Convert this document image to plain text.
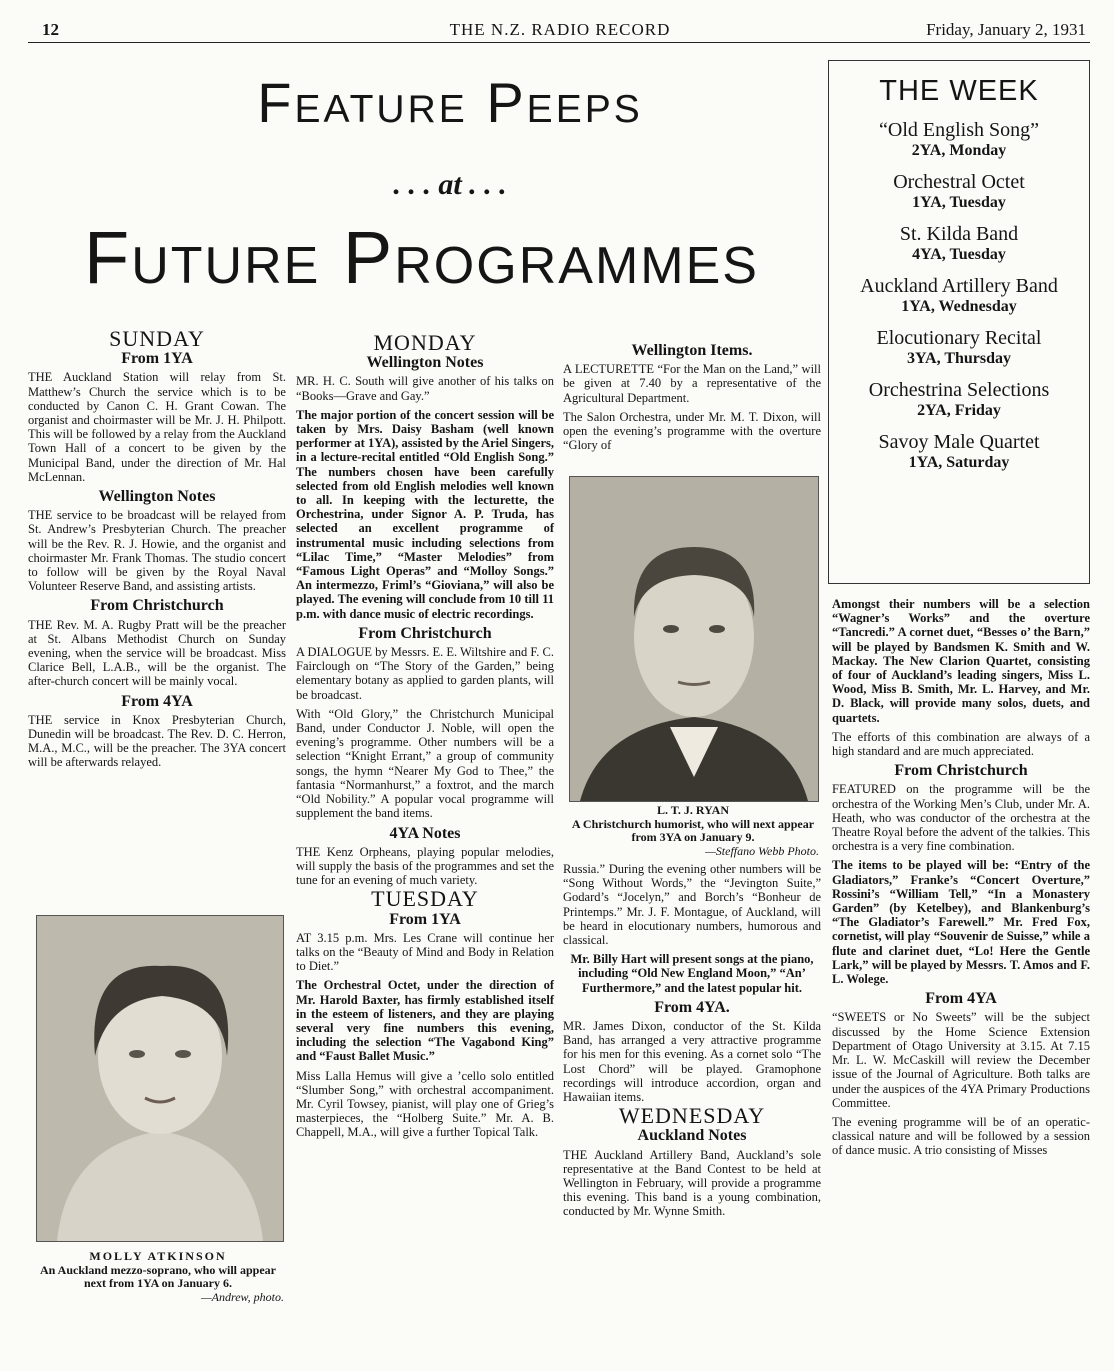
12	THE N.Z. RADIO RECORD	Friday, January 2, 1931
Feature Peeps
. . . at . . .
Future Programmes
THE WEEK
“Old English Song”
2YA, Monday
Orchestral Octet
1YA, Tuesday
St. Kilda Band
4YA, Tuesday
Auckland Artillery Band
1YA, Wednesday
Elocutionary Recital
3YA, Thursday
Orchestrina Selections
2YA, Friday
Savoy Male Quartet
1YA, Saturday
SUNDAY
From 1YA

THE Auckland Station will relay from St. Matthew’s Church the service which is to be conducted by Canon C. H. Grant Cowan. The organist and choirmaster will be Mr. J. H. Philpott. This will be followed by a relay from the Auckland Town Hall of a concert to be given by the Municipal Band, under the direction of Mr. Hal McLennan.

Wellington Notes

THE service to be broadcast will be relayed from St. Andrew’s Presbyterian Church. The preacher will be the Rev. R. J. Howie, and the organist and choirmaster Mr. Frank Thomas. The studio concert to follow will be given by the Royal Naval Volunteer Reserve Band, and assisting artists.

From Christchurch

THE Rev. M. A. Rugby Pratt will be the preacher at St. Albans Methodist Church on Sunday evening, when the service will be broadcast. Miss Clarice Bell, L.A.B., will be the organist. The after-church concert will be mainly vocal.

From 4YA

THE service in Knox Presbyterian Church, Dunedin will be broadcast. The Rev. D. C. Herron, M.A., M.C., will be the preacher. The 3YA concert will be afterwards relayed.

MOLLY ATKINSON
An Auckland mezzo-soprano, who will appear next from 1YA on January 6.
—Andrew, photo.
MONDAY
Wellington Notes

MR. H. C. South will give another of his talks on “Books—Grave and Gay.”

The major portion of the concert session will be taken by Mrs. Daisy Basham (well known performer at 1YA), assisted by the Ariel Singers, in a lecture-recital entitled “Old English Song.” The numbers chosen have been carefully selected from old English melodies well known to all. In keeping with the lecturette, the Orchestrina, under Signor A. P. Truda, has selected an excellent programme of instrumental music including selections from “Lilac Time,” “Master Melodies” from “Famous Light Operas” and “Molloy Songs.” An intermezzo, Friml’s “Gioviana,” will also be played. The evening will conclude from 10 till 11 p.m. with dance music of electric recordings.

From Christchurch

A DIALOGUE by Messrs. E. E. Wiltshire and F. C. Fairclough on “The Story of the Garden,” being elementary botany as applied to garden plants, will be broadcast.

With “Old Glory,” the Christchurch Municipal Band, under Conductor J. Noble, will open the evening’s programme. Other numbers will be a selection “Knight Errant,” a group of community songs, the hymn “Nearer My God to Thee,” the fantasia “Normanhurst,” a foxtrot, and the march “Old Nobility.” A popular vocal programme will supplement the band items.

4YA Notes

THE Kenz Orpheans, playing popular melodies, will supply the basis of the programmes and set the tune for an evening of much variety.

TUESDAY
From 1YA

AT 3.15 p.m. Mrs. Les Crane will continue her talks on the “Beauty of Mind and Body in Relation to Diet.”

The Orchestral Octet, under the direction of Mr. Harold Baxter, has firmly established itself in the esteem of listeners, and they are playing several very fine numbers this evening, including the selection “The Vagabond King” and “Faust Ballet Music.”

Miss Lalla Hemus will give a ’cello solo entitled “Slumber Song,” with orchestral accompaniment. Mr. Cyril Towsey, pianist, will play one of Grieg’s masterpieces, the “Holberg Suite.” Mr. A. B. Chappell, M.A., will give a further Topical Talk.

Wellington Items.

A LECTURETTE “For the Man on the Land,” will be given at 7.40 by a representative of the Agricultural Department.

The Salon Orchestra, under Mr. M. T. Dixon, will open the evening’s programme with the overture “Glory of

L. T. J. RYAN
A Christchurch humorist, who will next appear from 3YA on January 9.
—Steffano Webb Photo.

Russia.” During the evening other numbers will be “Song Without Words,” the “Jevington Suite,” Godard’s “Jocelyn,” and Borch’s “Bonheur de Printemps.” Mr. J. F. Montague, of Auckland, will be heard in elocutionary numbers, humorous and classical.

Mr. Billy Hart will present songs at the piano, including “Old New England Moon,” “An’ Furthermore,” and the latest popular hit.

From 4YA.

MR. James Dixon, conductor of the St. Kilda Band, has arranged a very attractive programme for his men for this evening. As a cornet solo “The Lost Chord” will be played. Gramophone recordings will introduce accordion, organ and Hawaiian items.

WEDNESDAY
Auckland Notes

THE Auckland Artillery Band, Auckland’s sole representative at the Band Contest to be held at Wellington in February, will provide a programme this evening. This band is a young combination, conducted by Mr. Wynne Smith.

Amongst their numbers will be a selection “Wagner’s Works” and the overture “Tancredi.” A cornet duet, “Besses o’ the Barn,” will be played by Bandsmen K. Smith and W. Mackay. The New Clarion Quartet, consisting of four of Auckland’s leading singers, Miss L. Wood, Miss B. Smith, Mr. L. Harvey, and Mr. D. Black, will provide many solos, duets, and quartets.

The efforts of this combination are always of a high standard and are much appreciated.

From Christchurch

FEATURED on the programme will be the orchestra of the Working Men’s Club, under Mr. A. Heath, who was conductor of the orchestra at the Theatre Royal before the advent of the talkies. This orchestra is a very fine combination.

The items to be played will be: “Entry of the Gladiators,” Franke’s “Concert Overture,” Rossini’s “William Tell,” “In a Monastery Garden” (by Ketelbey), and Blankenburg’s “The Gladiator’s Farewell.” Mr. Fred Fox, cornetist, will play “Souvenir de Suisse,” while a flute and clarinet duet, “Lo! Here the Gentle Lark,” will be played by Messrs. T. Amos and F. L. Wolege.

From 4YA

“SWEETS or No Sweets” will be the subject discussed by the Home Science Extension Department of Otago University at 3.15. At 7.15 Mr. L. W. McCaskill will review the December issue of the Journal of Agriculture. Both talks are under the auspices of the 4YA Primary Productions Committee.

The evening programme will be of an operatic-classical nature and will be followed by a session of dance music. A trio consisting of Misses
